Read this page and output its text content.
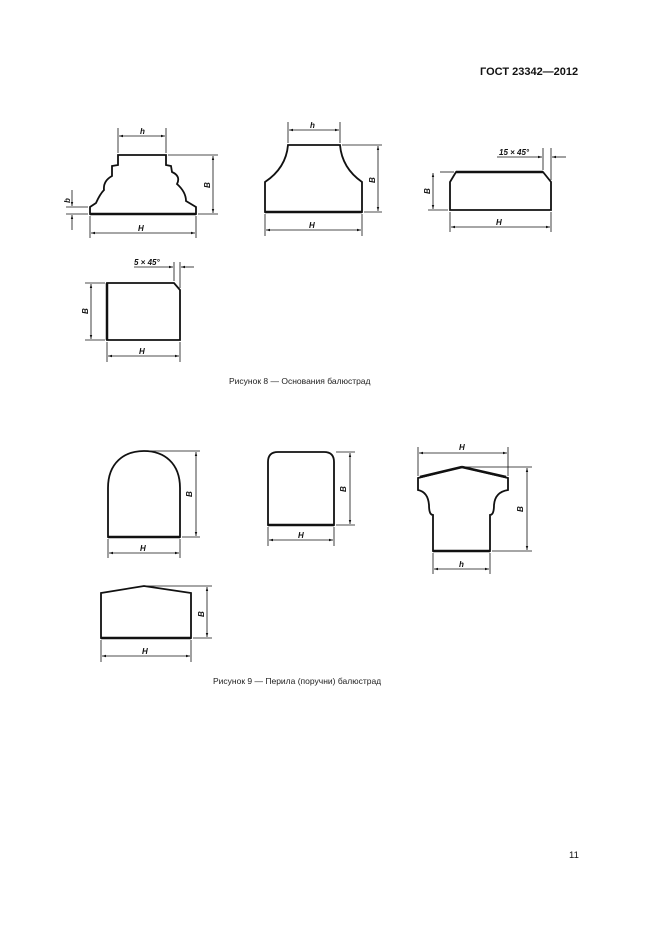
ГОСТ 23342—2012
h
H
B
b
h
H
B
15 × 45°
H
B
5 × 45°
H
B
H
B
H
B
H
B
h
H
B
Рисунок 8 — Основания балюстрад
Рисунок 9 — Перила (поручни) балюстрад
11
